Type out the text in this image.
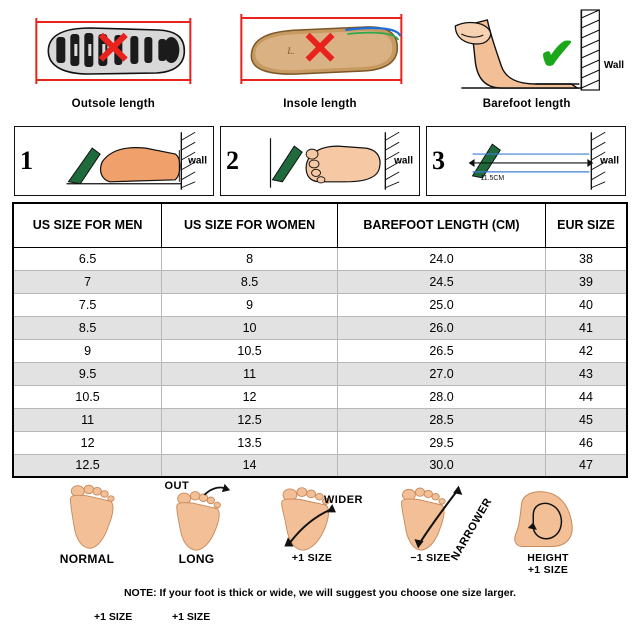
✕
Outsole length
L. ✕
Insole length
✔	Wall
Barefoot length
1	wall 2	wall 3
11.5CM
wall
US SIZE FOR MEN	US SIZE FOR WOMEN	BAREFOOT LENGTH (CM)	EUR SIZE
6.5	8	24.0	38
7	8.5	24.5	39
7.5	9	25.0	40
8.5	10	26.0	41
9	10.5	26.5	42
9.5	11	27.0	43
10.5	12	28.0	44
11	12.5	28.5	45
12	13.5	29.5	46
12.5	14	30.0	47
NORMAL
OUT
LONG
WIDER
+1 SIZE	NARROWER
−1 SIZE	HEIGHT
+1 SIZE
+1 SIZE	+1 SIZE
NOTE: If your foot is thick or wide, we will suggest you choose one size larger.
